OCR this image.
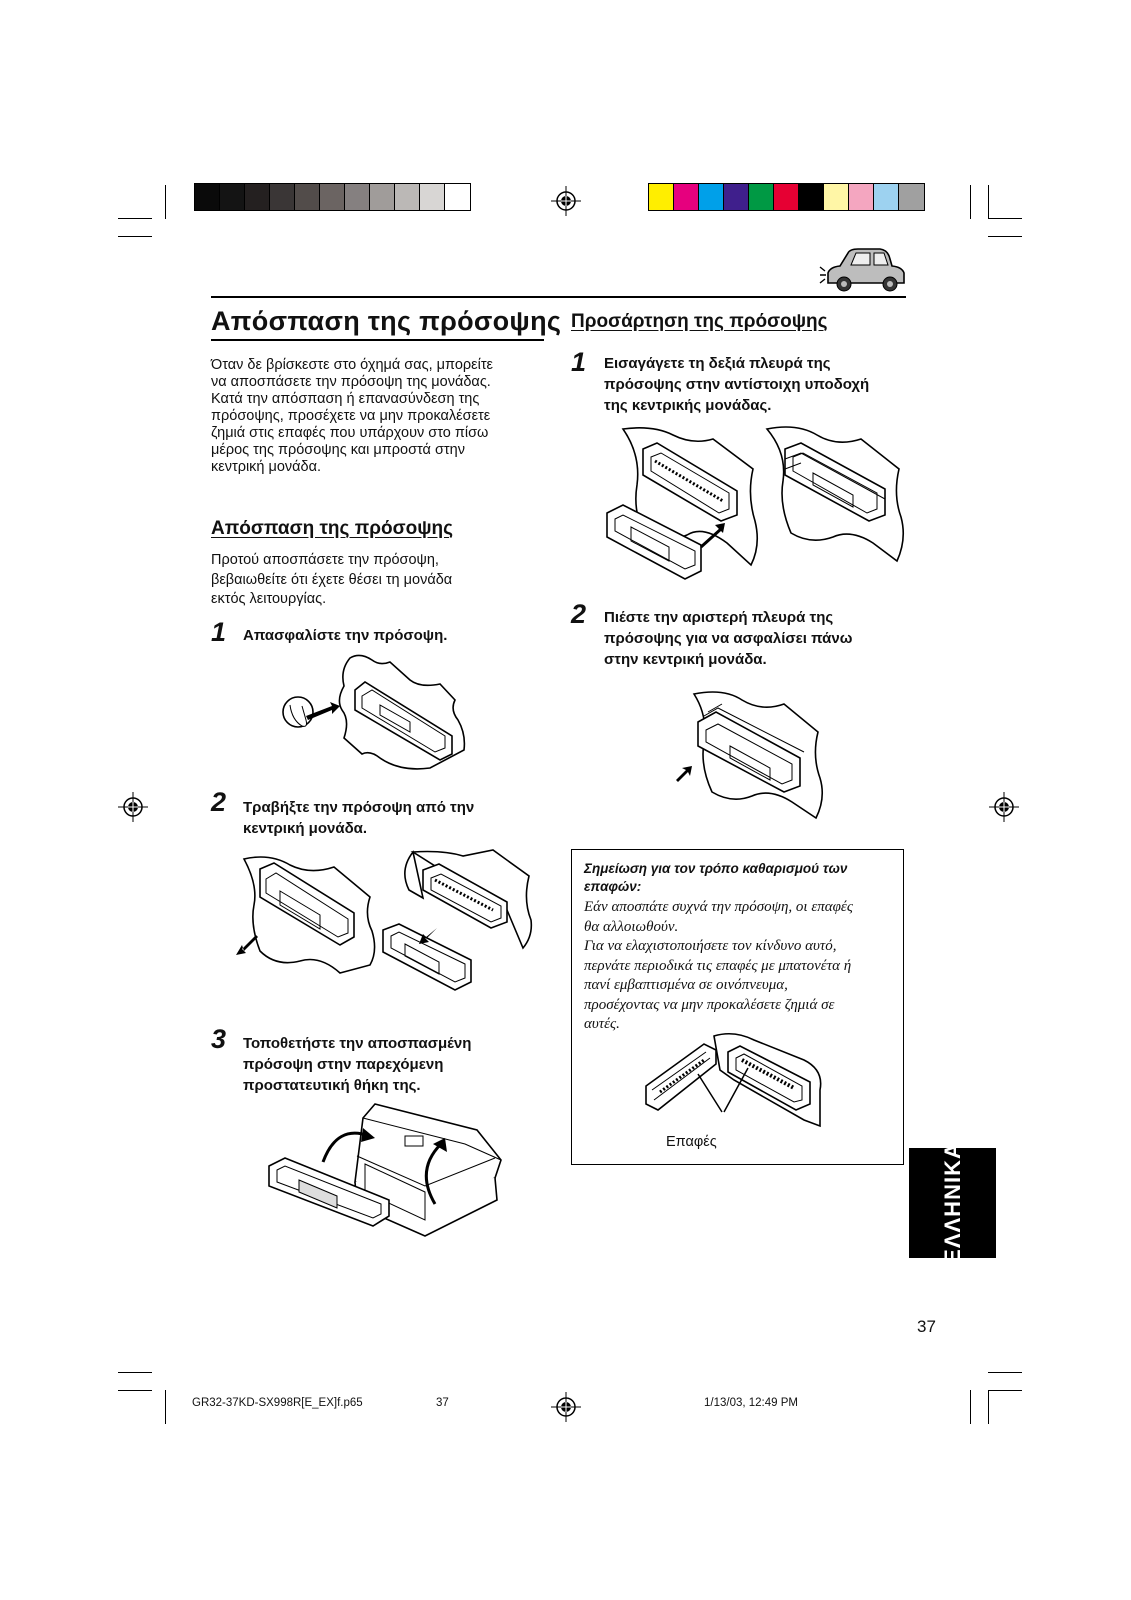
Απόσπαση της πρόσοψης
Όταν δε βρίσκεστε στο όχημά σας, μπορείτε
να αποσπάσετε την πρόσοψη της μονάδας.
Κατά την απόσπαση ή επανασύνδεση της
πρόσοψης, προσέχετε να μην προκαλέσετε
ζημιά στις επαφές που υπάρχουν στο πίσω
μέρος της πρόσοψης και μπροστά στην
κεντρική μονάδα.
Απόσπαση της πρόσοψης
Προτού αποσπάσετε την πρόσοψη,
βεβαιωθείτε ότι έχετε θέσει τη μονάδα
εκτός λειτουργίας.
1 Απασφαλίστε την πρόσοψη.
2 Τραβήξτε την πρόσοψη από την
κεντρική μονάδα.
3 Τοποθετήστε την αποσπασμένη
πρόσοψη στην παρεχόμενη
προστατευτική θήκη της.
Προσάρτηση της πρόσοψης
1 Εισαγάγετε τη δεξιά πλευρά της
πρόσοψης στην αντίστοιχη υποδοχή
της κεντρικής μονάδας.
2 Πιέστε την αριστερή πλευρά της
πρόσοψης για να ασφαλίσει πάνω
στην κεντρική μονάδα.
Σημείωση για τον τρόπο καθαρισμού των
επαφών:
Εάν αποσπάτε συχνά την πρόσοψη, οι επαφές
θα αλλοιωθούν.
Για να ελαχιστοποιήσετε τον κίνδυνο αυτό,
περνάτε περιοδικά τις επαφές με μπατονέτα ή
πανί εμβαπτισμένα σε οινόπνευμα,
προσέχοντας να μην προκαλέσετε ζημιά σε
αυτές.
Επαφές
ΕΛΛΗΝΙΚΑ
37
GR32-37KD-SX998R[E_EX]f.p65	37	1/13/03, 12:49 PM
